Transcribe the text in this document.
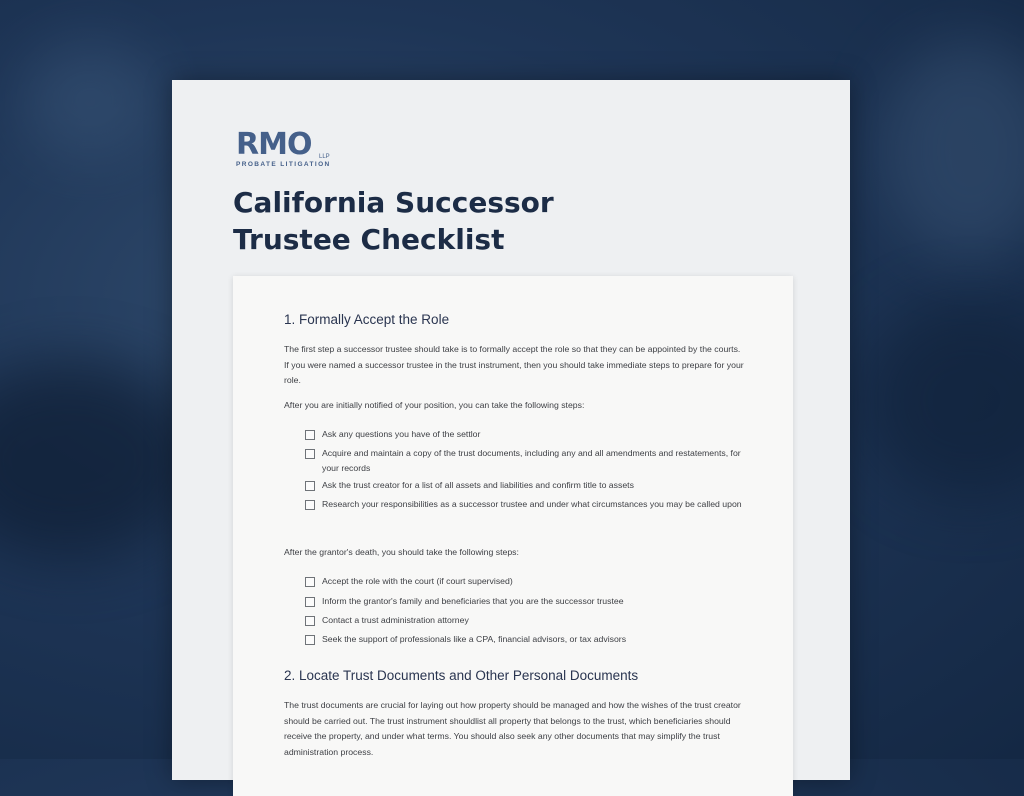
RMO LLP
PROBATE LITIGATION
California Successor Trustee Checklist
1. Formally Accept the Role

The first step a successor trustee should take is to formally accept the role so that they can be appointed by the courts. If you were named a successor trustee in the trust instrument, then you should take immediate steps to prepare for your role.

After you are initially notified of your position, you can take the following steps:

Ask any questions you have of the settlor
Acquire and maintain a copy of the trust documents, including any and all amendments and restatements, for your records
Ask the trust creator for a list of all assets and liabilities and confirm title to assets
Research your responsibilities as a successor trustee and under what circumstances you may be called upon

After the grantor's death, you should take the following steps:

Accept the role with the court (if court supervised)
Inform the grantor's family and beneficiaries that you are the successor trustee
Contact a trust administration attorney
Seek the support of professionals like a CPA, financial advisors, or tax advisors
2. Locate Trust Documents and Other Personal Documents

The trust documents are crucial for laying out how property should be managed and how the wishes of the trust creator should be carried out. The trust instrument shouldlist all property that belongs to the trust, which beneficiaries should receive the property, and under what terms. You should also seek any other documents that may simplify the trust administration process.
